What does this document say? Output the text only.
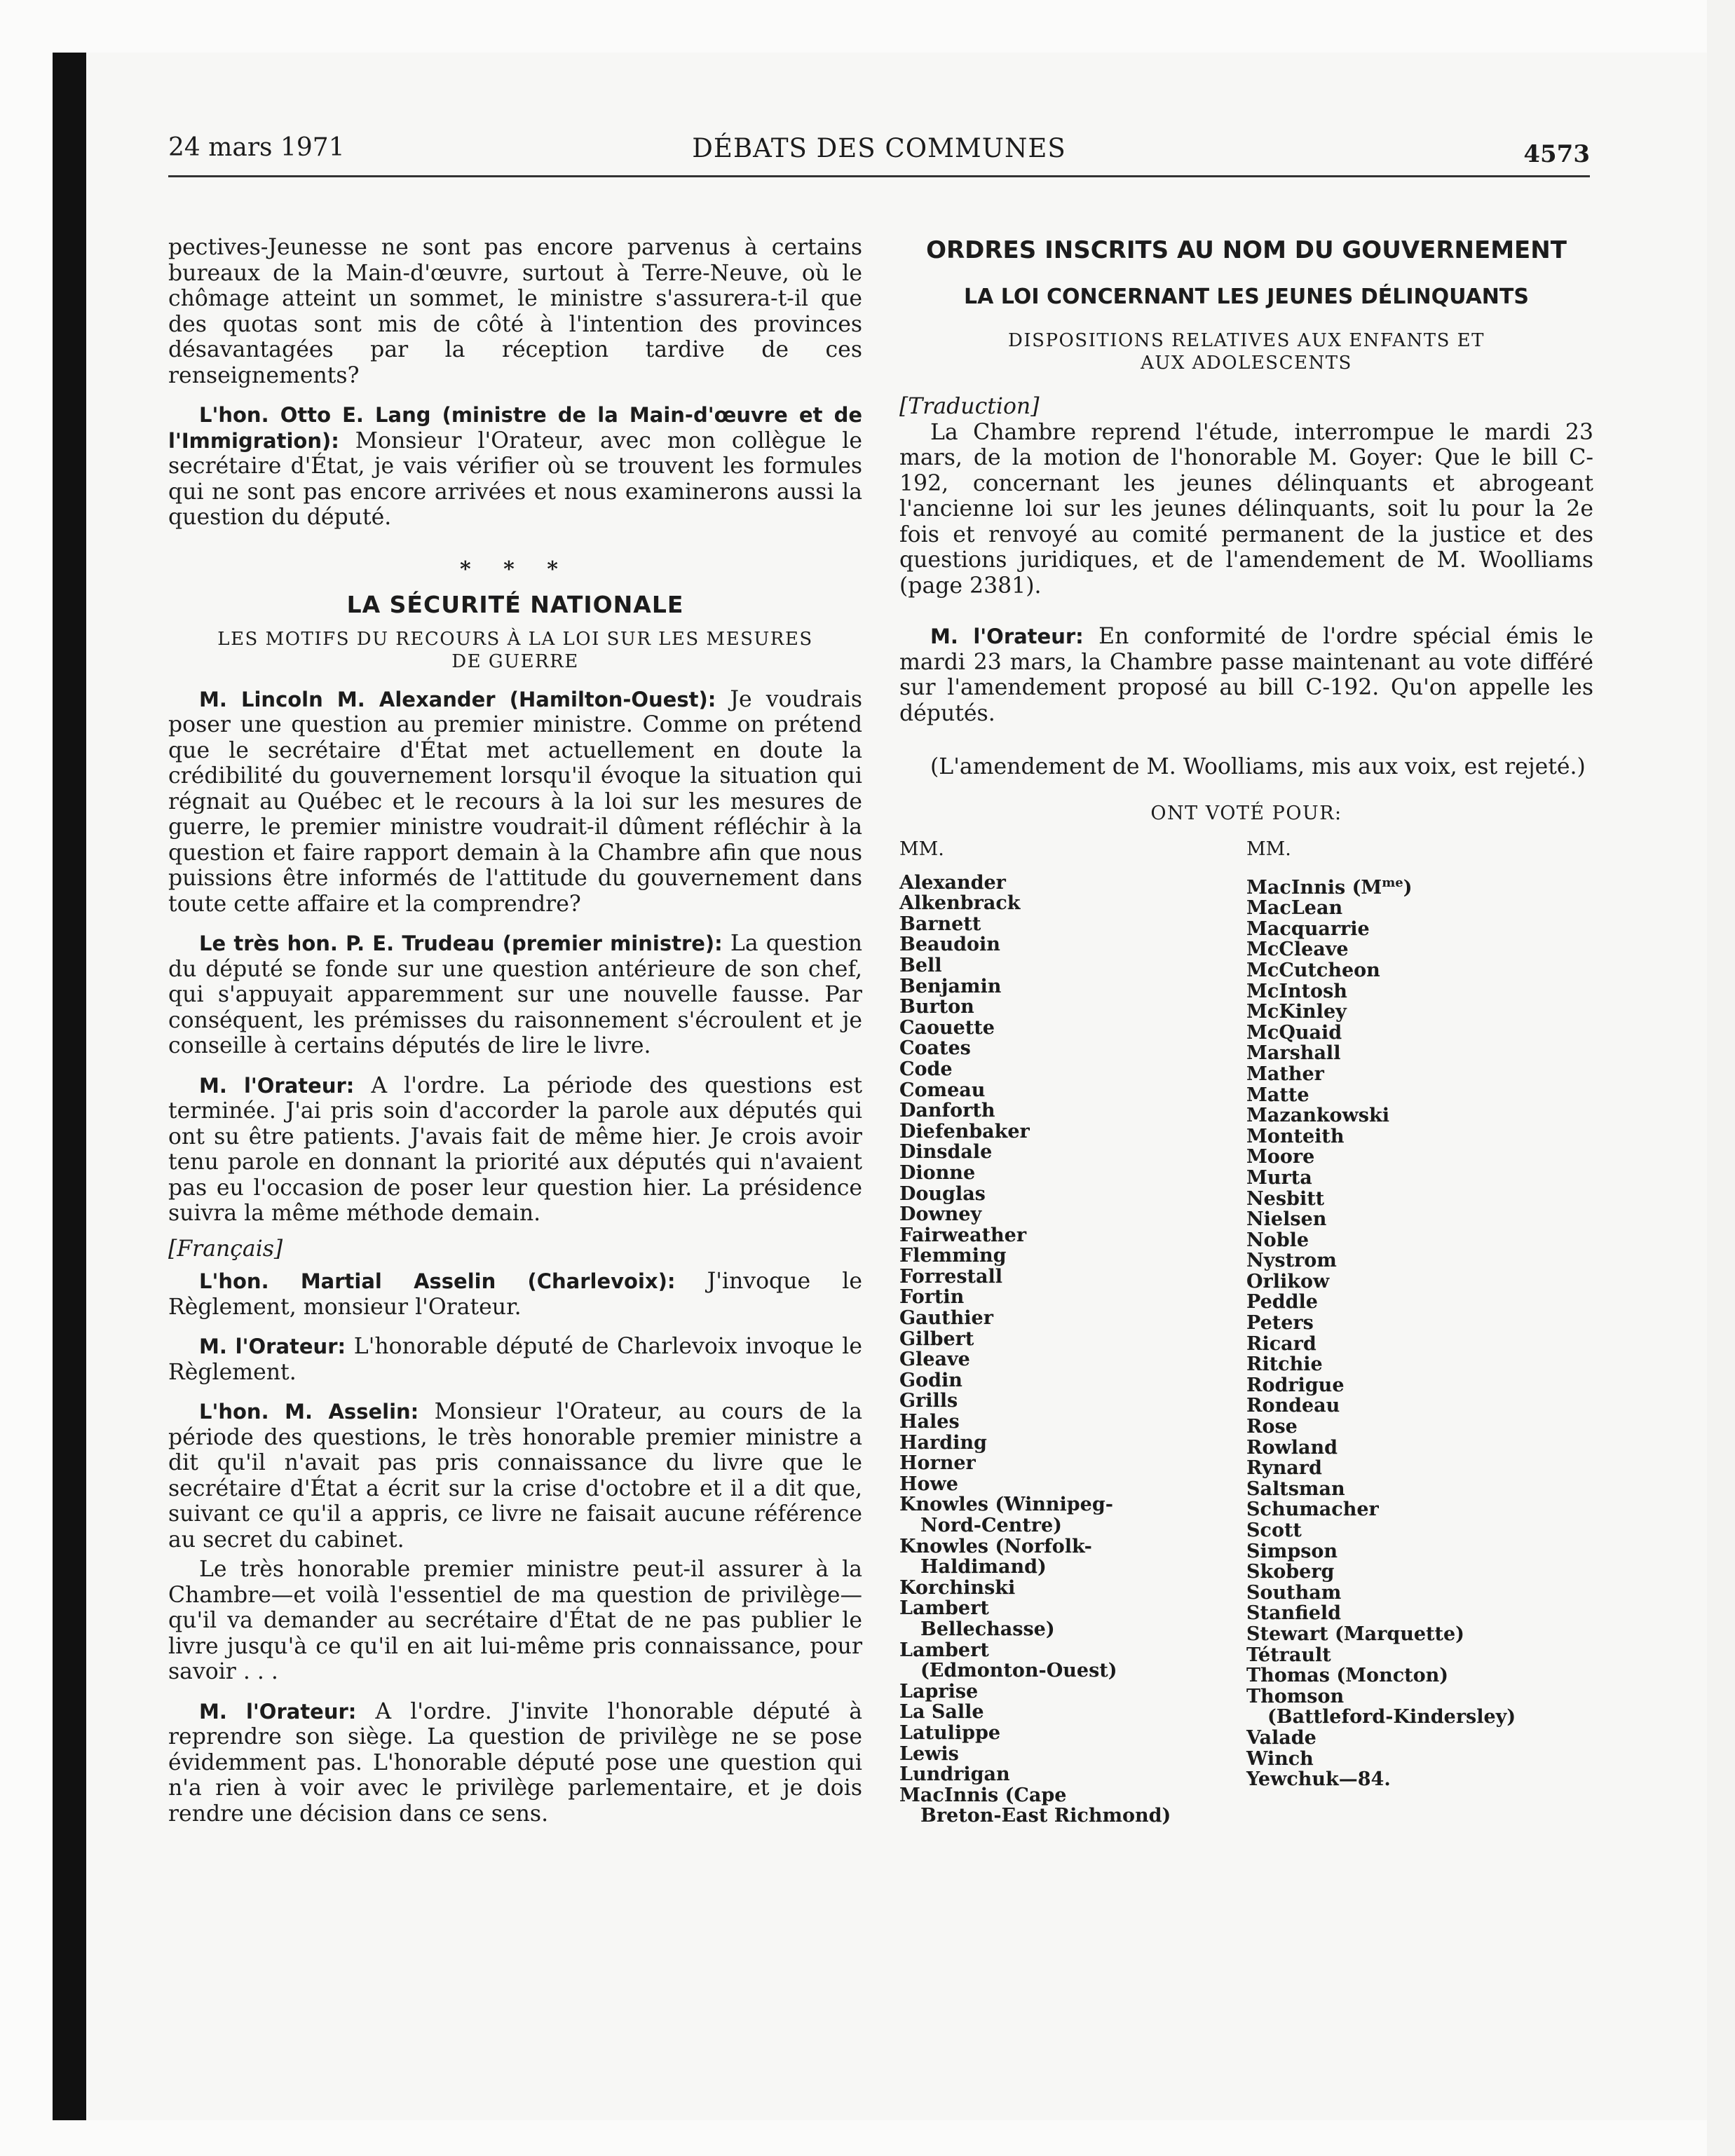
DÉBATS DES COMMUNES
24 mars 1971	4573

pectives-Jeunesse ne sont pas encore parvenus à certains bureaux de la Main-d'œuvre, surtout à Terre-Neuve, où le chômage atteint un sommet, le ministre s'assurera-t-il que des quotas sont mis de côté à l'intention des provinces désavantagées par la réception tardive de ces renseignements?

L'hon. Otto E. Lang (ministre de la Main-d'œuvre et de l'Immigration): Monsieur l'Orateur, avec mon collègue le secrétaire d'État, je vais vérifier où se trouvent les formules qui ne sont pas encore arrivées et nous examinerons aussi la question du député.

* * *
LA SÉCURITÉ NATIONALE
LES MOTIFS DU RECOURS À LA LOI SUR LES MESURES DE GUERRE

M. Lincoln M. Alexander (Hamilton-Ouest): Je voudrais poser une question au premier ministre. Comme on prétend que le secrétaire d'État met actuellement en doute la crédibilité du gouvernement lorsqu'il évoque la situation qui régnait au Québec et le recours à la loi sur les mesures de guerre, le premier ministre voudrait-il dûment réfléchir à la question et faire rapport demain à la Chambre afin que nous puissions être informés de l'attitude du gouvernement dans toute cette affaire et la comprendre?

Le très hon. P. E. Trudeau (premier ministre): La question du député se fonde sur une question antérieure de son chef, qui s'appuyait apparemment sur une nouvelle fausse. Par conséquent, les prémisses du raisonnement s'écroulent et je conseille à certains députés de lire le livre.

M. l'Orateur: A l'ordre. La période des questions est terminée. J'ai pris soin d'accorder la parole aux députés qui ont su être patients. J'avais fait de même hier. Je crois avoir tenu parole en donnant la priorité aux députés qui n'avaient pas eu l'occasion de poser leur question hier. La présidence suivra la même méthode demain.

[Français]

L'hon. Martial Asselin (Charlevoix): J'invoque le Règlement, monsieur l'Orateur.

M. l'Orateur: L'honorable député de Charlevoix invoque le Règlement.

L'hon. M. Asselin: Monsieur l'Orateur, au cours de la période des questions, le très honorable premier ministre a dit qu'il n'avait pas pris connaissance du livre que le secrétaire d'État a écrit sur la crise d'octobre et il a dit que, suivant ce qu'il a appris, ce livre ne faisait aucune référence au secret du cabinet.

Le très honorable premier ministre peut-il assurer à la Chambre—et voilà l'essentiel de ma question de privilège—qu'il va demander au secrétaire d'État de ne pas publier le livre jusqu'à ce qu'il en ait lui-même pris connaissance, pour savoir . . .

M. l'Orateur: A l'ordre. J'invite l'honorable député à reprendre son siège. La question de privilège ne se pose évidemment pas. L'honorable député pose une question qui n'a rien à voir avec le privilège parlementaire, et je dois rendre une décision dans ce sens.

ORDRES INSCRITS AU NOM DU GOUVERNEMENT
LA LOI CONCERNANT LES JEUNES DÉLINQUANTS
DISPOSITIONS RELATIVES AUX ENFANTS ET AUX ADOLESCENTS
[Traduction]

La Chambre reprend l'étude, interrompue le mardi 23 mars, de la motion de l'honorable M. Goyer: Que le bill C-192, concernant les jeunes délinquants et abrogeant l'ancienne loi sur les jeunes délinquants, soit lu pour la 2e fois et renvoyé au comité permanent de la justice et des questions juridiques, et de l'amendement de M. Woolliams (page 2381).

M. l'Orateur: En conformité de l'ordre spécial émis le mardi 23 mars, la Chambre passe maintenant au vote différé sur l'amendement proposé au bill C-192. Qu'on appelle les députés.

(L'amendement de M. Woolliams, mis aux voix, est rejeté.)

ONT VOTÉ POUR:
MM.
Alexander
Alkenbrack
Barnett
Beaudoin
Bell
Benjamin
Burton
Caouette
Coates
Code
Comeau
Danforth
Diefenbaker
Dinsdale
Dionne
Douglas
Downey
Fairweather
Flemming
Forrestall
Fortin
Gauthier
Gilbert
Gleave
Godin
Grills
Hales
Harding
Horner
Howe
Knowles (Winnipeg-
Nord-Centre)
Knowles (Norfolk-
Haldimand)
Korchinski
Lambert
Bellechasse)
Lambert
(Edmonton-Ouest)
Laprise
La Salle
Latulippe
Lewis
Lundrigan
MacInnis (Cape
Breton-East Richmond)
MM.
MacInnis $(M^{me})$
MacLean
Macquarrie
McCleave
McCutcheon
McIntosh
McKinley
McQuaid
Marshall
Mather
Matte
Mazankowski
Monteith
Moore
Murta
Nesbitt
Nielsen
Noble
Nystrom
Orlikow
Peddle
Peters
Ricard
Ritchie
Rodrigue
Rondeau
Rose
Rowland
Rynard
Saltsman
Schumacher
Scott
Simpson
Skoberg
Southam
Stanfield
Stewart (Marquette)
Tétrault
Thomas (Moncton)
Thomson
(Battleford-Kindersley)
Valade
Winch
Yewchuk—84.
